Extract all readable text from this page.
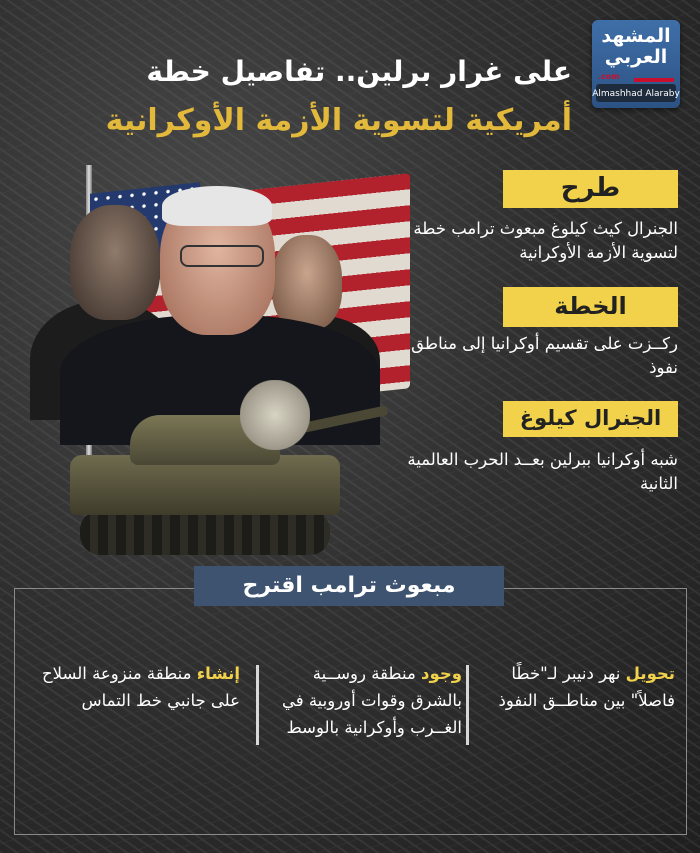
المشهد العربي
.com
Almashhad Alaraby
على غرار برلين.. تفاصيل خطة
أمريكية لتسوية الأزمة الأوكرانية
طرح
الجنرال كيث كيلوغ مبعوث ترامب خطة لتسوية الأزمة الأوكرانية
الخطة
ركــزت على تقسيم أوكرانيا إلى مناطق نفوذ
الجنرال كيلوغ
شبه أوكرانيا ببرلين بعــد الحرب العالمية الثانية
مبعوث ترامب اقترح
تحويل نهر دنيبر لـ"خطًا فاصلاً" بين مناطــق النفوذ
وجود منطقة روســية بالشرق وقوات أوروبية في الغــرب وأوكرانية بالوسط
إنشاء منطقة منزوعة السلاح على جانبي خط التماس
